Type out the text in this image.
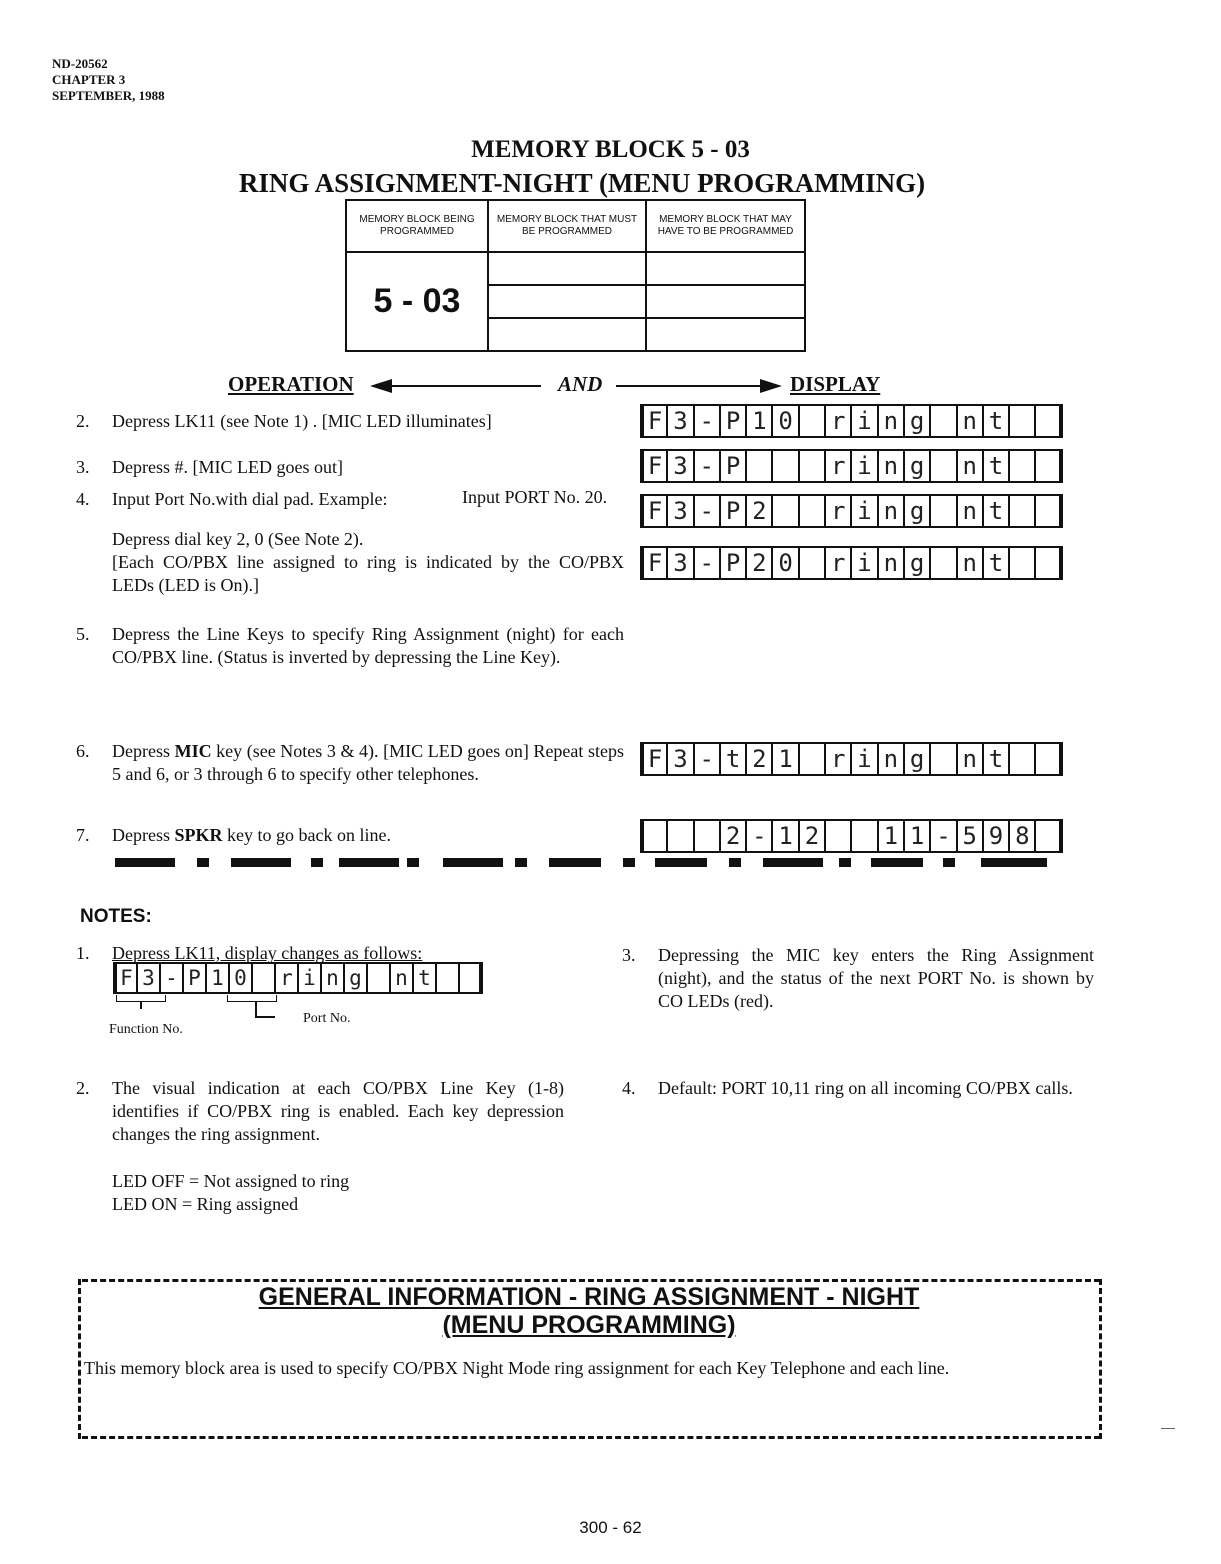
ND-20562
CHAPTER 3
SEPTEMBER, 1988
MEMORY BLOCK 5 - 03
RING ASSIGNMENT-NIGHT (MENU PROGRAMMING)
MEMORY BLOCK BEING PROGRAMMED	MEMORY BLOCK THAT MUST BE PROGRAMMED	MEMORY BLOCK THAT MAY HAVE TO BE PROGRAMMED
5 - 03		

OPERATION	AND	DISPLAY
2. Depress LK11 (see Note 1) . [MIC LED illuminates]	F 3 - P 1 0 r i n g n t
3. Depress #. [MIC LED goes out]	F 3 - P	r i n g n t
4. Input Port No.with dial pad. Example:	Input PORT No. 20.
Depress dial key 2, 0 (See Note 2).
[Each CO/PBX line assigned to ring is indicated by the CO/PBX LEDs (LED is On).]
F 3 - P 2	r i n g n t
F 3 - P 2 0 r i n g n t
5. Depress the Line Keys to specify Ring Assignment (night) for each CO/PBX line. (Status is inverted by depressing the Line Key).
6. Depress MIC key (see Notes 3 & 4). [MIC LED goes on] Repeat steps 5 and 6, or 3 through 6 to specify other telephones.
F 3 - t 2 1 r i n g n t
7. Depress SPKR key to go back on line.	2 - 1 2	1 1 - 5 9 8
NOTES:
1. Depress LK11, display changes as follows:
F 3 - P 1 0 r i n g n t
Function No.
Port No.
2. The visual indication at each CO/PBX Line Key (1-8) identifies if CO/PBX ring is enabled. Each key depression changes the ring assignment.
LED OFF = Not assigned to ring
LED ON = Ring assigned
3. Depressing the MIC key enters the Ring Assignment (night), and the status of the next PORT No. is shown by CO LEDs (red).
4. Default: PORT 10,11 ring on all incoming CO/PBX calls.
GENERAL INFORMATION - RING ASSIGNMENT - NIGHT
(MENU PROGRAMMING)
This memory block area is used to specify CO/PBX Night Mode ring assignment for each Key Telephone and each line.
300 - 62
